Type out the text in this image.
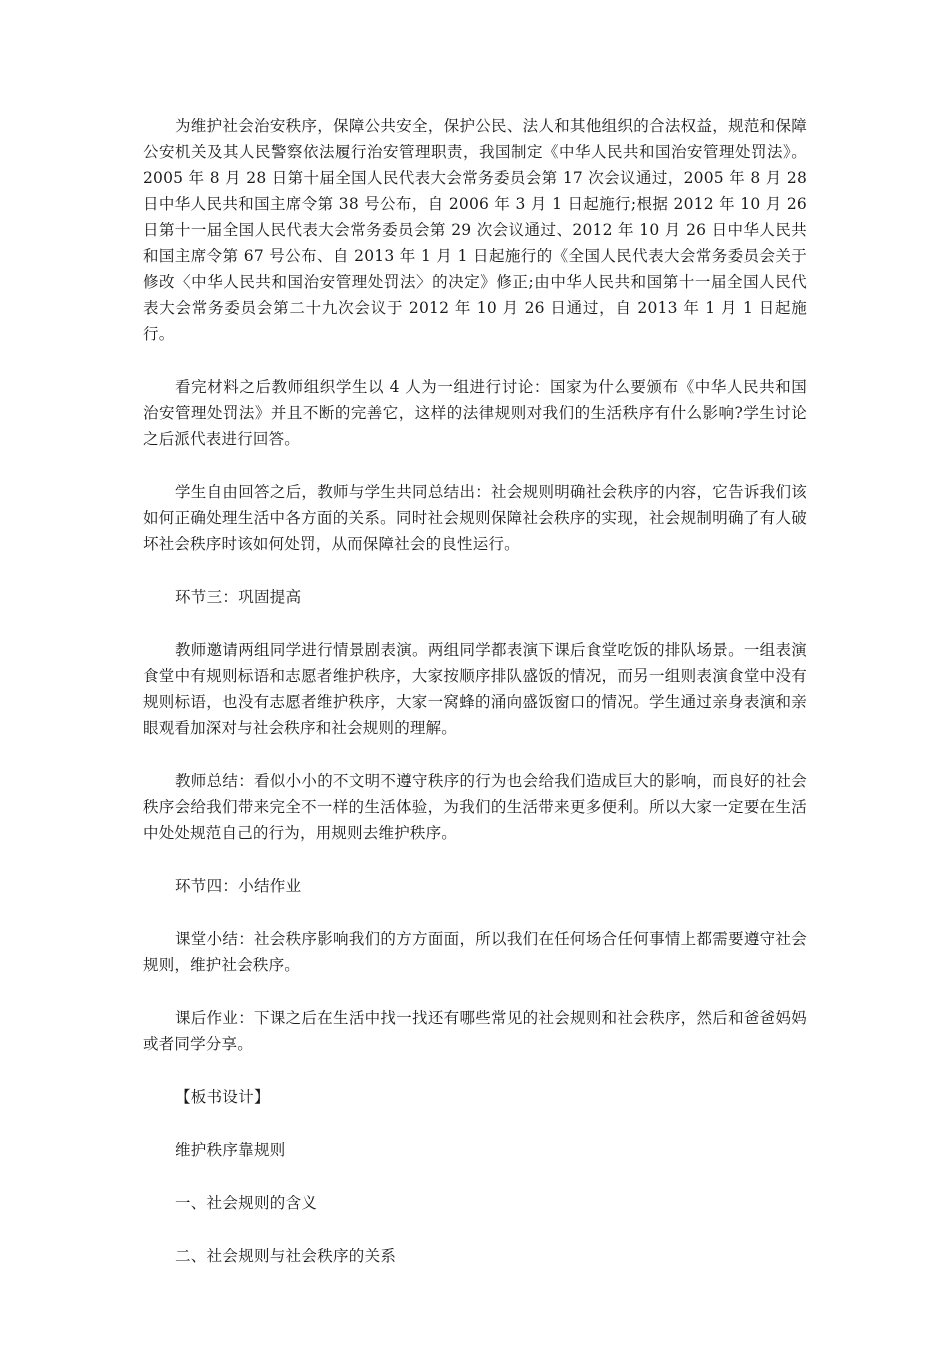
为维护社会治安秩序，保障公共安全，保护公民、法人和其他组织的合法权益，规范和保障公安机关及其人民警察依法履行治安管理职责，我国制定《中华人民共和国治安管理处罚法》。2005 年 8 月 28 日第十届全国人民代表大会常务委员会第 17 次会议通过，2005 年 8 月 28 日中华人民共和国主席令第 38 号公布，自 2006 年 3 月 1 日起施行;根据 2012 年 10 月 26 日第十一届全国人民代表大会常务委员会第 29 次会议通过、2012 年 10 月 26 日中华人民共和国主席令第 67 号公布、自 2013 年 1 月 1 日起施行的《全国人民代表大会常务委员会关于修改〈中华人民共和国治安管理处罚法〉的决定》修正;由中华人民共和国第十一届全国人民代表大会常务委员会第二十九次会议于 2012 年 10 月 26 日通过，自 2013 年 1 月 1 日起施行。

看完材料之后教师组织学生以 4 人为一组进行讨论：国家为什么要颁布《中华人民共和国治安管理处罚法》并且不断的完善它，这样的法律规则对我们的生活秩序有什么影响?学生讨论之后派代表进行回答。

学生自由回答之后，教师与学生共同总结出：社会规则明确社会秩序的内容，它告诉我们该如何正确处理生活中各方面的关系。同时社会规则保障社会秩序的实现，社会规制明确了有人破坏社会秩序时该如何处罚，从而保障社会的良性运行。

环节三：巩固提高

教师邀请两组同学进行情景剧表演。两组同学都表演下课后食堂吃饭的排队场景。一组表演食堂中有规则标语和志愿者维护秩序，大家按顺序排队盛饭的情况，而另一组则表演食堂中没有规则标语，也没有志愿者维护秩序，大家一窝蜂的涌向盛饭窗口的情况。学生通过亲身表演和亲眼观看加深对与社会秩序和社会规则的理解。

教师总结：看似小小的不文明不遵守秩序的行为也会给我们造成巨大的影响，而良好的社会秩序会给我们带来完全不一样的生活体验，为我们的生活带来更多便利。所以大家一定要在生活中处处规范自己的行为，用规则去维护秩序。

环节四：小结作业

课堂小结：社会秩序影响我们的方方面面，所以我们在任何场合任何事情上都需要遵守社会规则，维护社会秩序。

课后作业：下课之后在生活中找一找还有哪些常见的社会规则和社会秩序，然后和爸爸妈妈或者同学分享。

【板书设计】

维护秩序靠规则

一、社会规则的含义

二、社会规则与社会秩序的关系
